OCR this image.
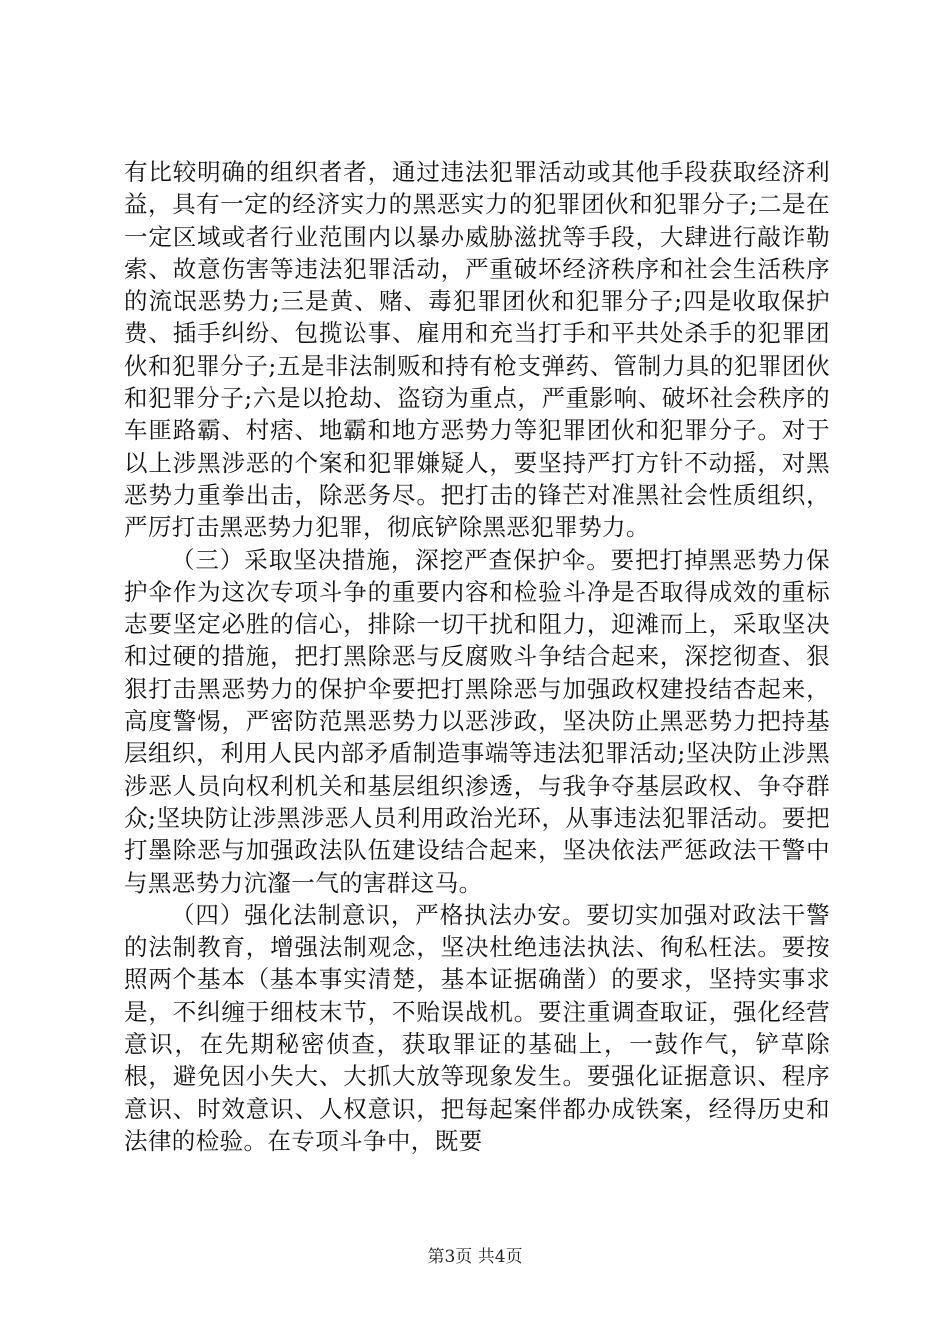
有比较明确的组织者者，通过违法犯罪活动或其他手段获取经济利益，具有一定的经济实力的黑恶实力的犯罪团伙和犯罪分子;二是在一定区域或者行业范围内以暴办威胁滋扰等手段，大肆进行敲诈勒索、故意伤害等违法犯罪活动，严重破坏经济秩序和社会生活秩序的流氓恶势力;三是黄、赌、毒犯罪团伙和犯罪分子;四是收取保护费、插手纠纷、包揽讼事、雇用和充当打手和平共处杀手的犯罪团伙和犯罪分子;五是非法制贩和持有枪支弹药、管制力具的犯罪团伙和犯罪分子;六是以抢劫、盗窃为重点，严重影响、破坏社会秩序的车匪路霸、村痞、地霸和地方恶势力等犯罪团伙和犯罪分子。对于以上涉黑涉恶的个案和犯罪嫌疑人，要坚持严打方针不动摇，对黑恶势力重拳出击，除恶务尽。把打击的锋芒对准黑社会性质组织，严厉打击黑恶势力犯罪，彻底铲除黑恶犯罪势力。

（三）采取坚决措施，深挖严查保护伞。要把打掉黑恶势力保护伞作为这次专项斗争的重要内容和检验斗净是否取得成效的重标志要坚定必胜的信心，排除一切干扰和阻力，迎滩而上，采取坚决和过硬的措施，把打黑除恶与反腐败斗争结合起来，深挖彻查、狠狠打击黑恶势力的保护伞要把打黑除恶与加强政权建投结杏起来，高度警惕，严密防范黑恶势力以恶涉政，坚决防止黑恶势力把持基层组织，利用人民内部矛盾制造事端等违法犯罪活动;坚决防止涉黑涉恶人员向权利机关和基层组织渗透，与我争夺基层政权、争夺群众;坚块防让涉黑涉恶人员利用政治光环，从事违法犯罪活动。要把打墨除恶与加强政法队伍建设结合起来，坚决依法严惩政法干警中与黑恶势力沆瀣一气的害群这马。

（四）强化法制意识，严格执法办安。要切实加强对政法干警的法制教育，增强法制观念，坚决杜绝违法执法、徇私枉法。要按照两个基本（基本事实清楚，基本证据确凿）的要求，坚持实事求是，不纠缠于细枝末节，不贻误战机。要注重调查取证，强化经营意识，在先期秘密侦查，获取罪证的基础上，一鼓作气，铲草除根，避免因小失大、大抓大放等现象发生。要强化证据意识、程序意识、时效意识、人权意识，把每起案伴都办成铁案，经得历史和法律的检验。在专项斗争中，既要

第3页 共4页
